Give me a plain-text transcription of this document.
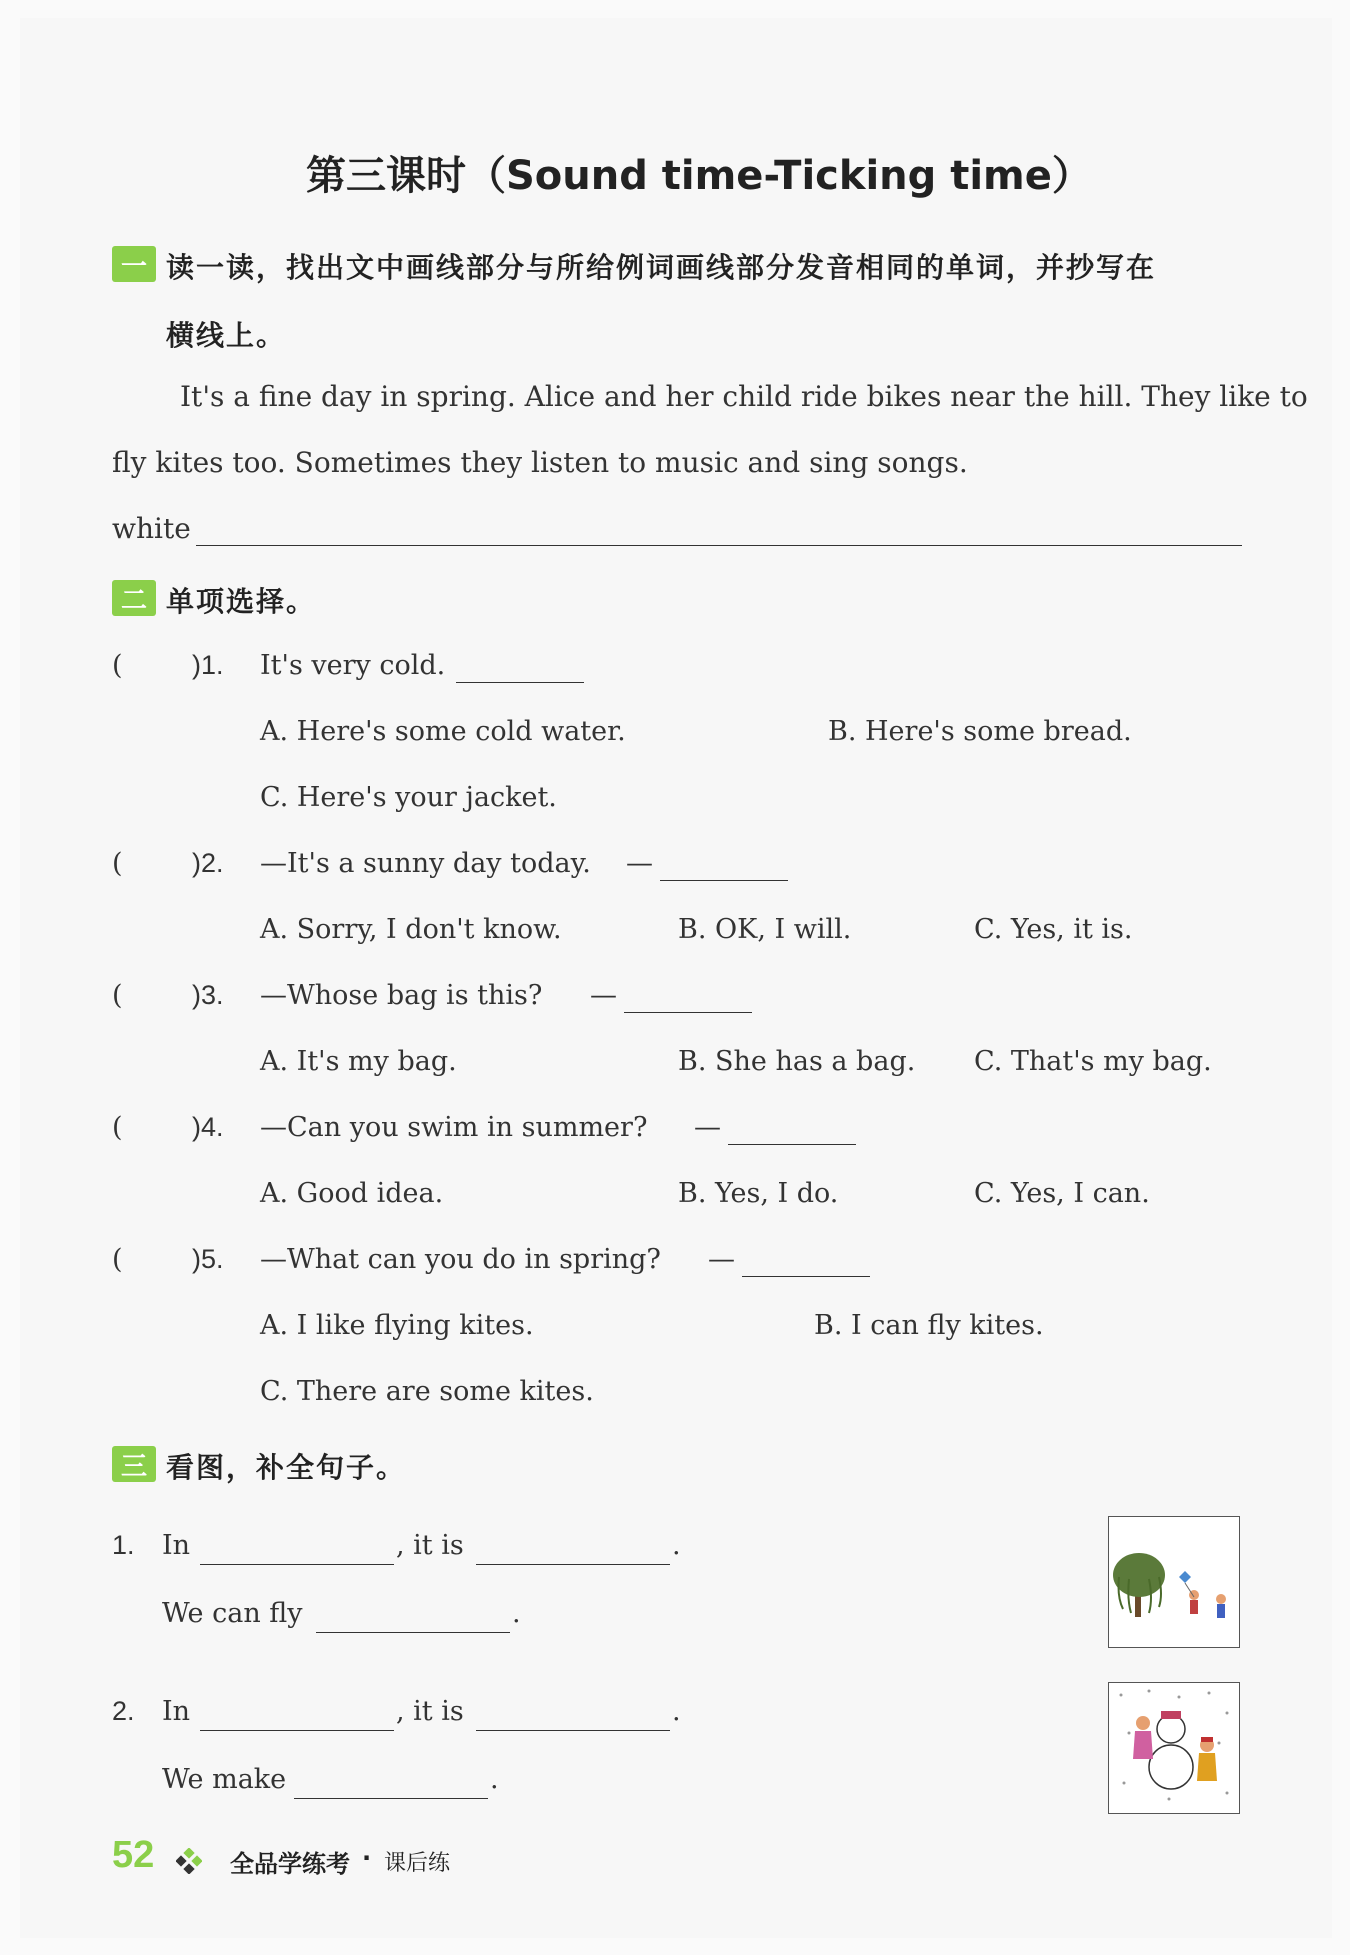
第三课时（Sound time-Ticking time）
一 读一读，找出文中画线部分与所给例词画线部分发音相同的单词，并抄写在
横线上。
It's a fine day in spring. Alice and her child ride bikes near the hill. They like to
fly kites too. Sometimes they listen to music and sing songs.
white
二 单项选择。
(	)1. It's very cold.
A. Here's some cold water.	B. Here's some bread.
C. Here's your jacket.
(	)2. —It's a sunny day today. —
A. Sorry, I don't know.	B. OK, I will.	C. Yes, it is.
(	)3. —Whose bag is this? —
A. It's my bag.	B. She has a bag. C. That's my bag.
(	)4. —Can you swim in summer? —
A. Good idea.	B. Yes, I do.	C. Yes, I can.
(	)5. —What can you do in spring? —
A. I like flying kites.	B. I can fly kites.
C. There are some kites.
三 看图，补全句子。
1. In	, it is	.
We can fly	.
2. In	, it is	.
We make	.
52	全品学练考 · 课后练
